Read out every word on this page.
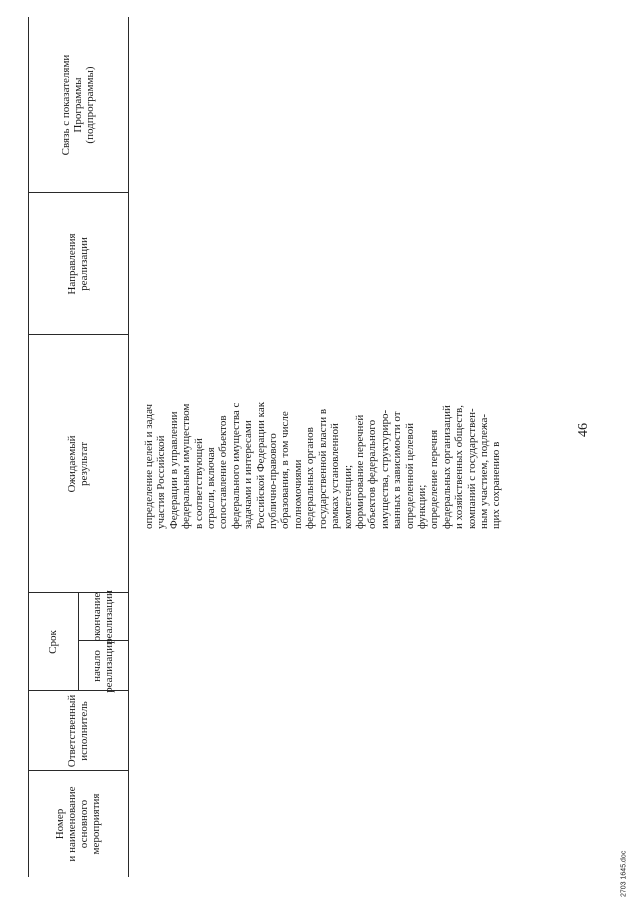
46
2703 1645.doc
Номер и наименование основного мероприятия
Ответственный исполнитель
Срок
начало реализации
окончание реализации
Ожидаемый результат
Направления реализации
Связь с показателями Программы (подпрограммы)
определение целей и задач участия Российской Федерации в управлении федеральным имуществом в соответствующей отрасли, включая сопоставление объектов федерального имущества с задачами и интересами Российской Федерации как публично-правового образования, в том числе полномочиями федеральных органов государственной власти в рамках установленной компетенции; формирование перечней объектов федерального имущества, структуриро- ванных в зависимости от определенной целевой функции; определение перечня федеральных организаций и хозяйственных обществ, компаний с государствен- ным участием, подлежа- щих сохранению в
